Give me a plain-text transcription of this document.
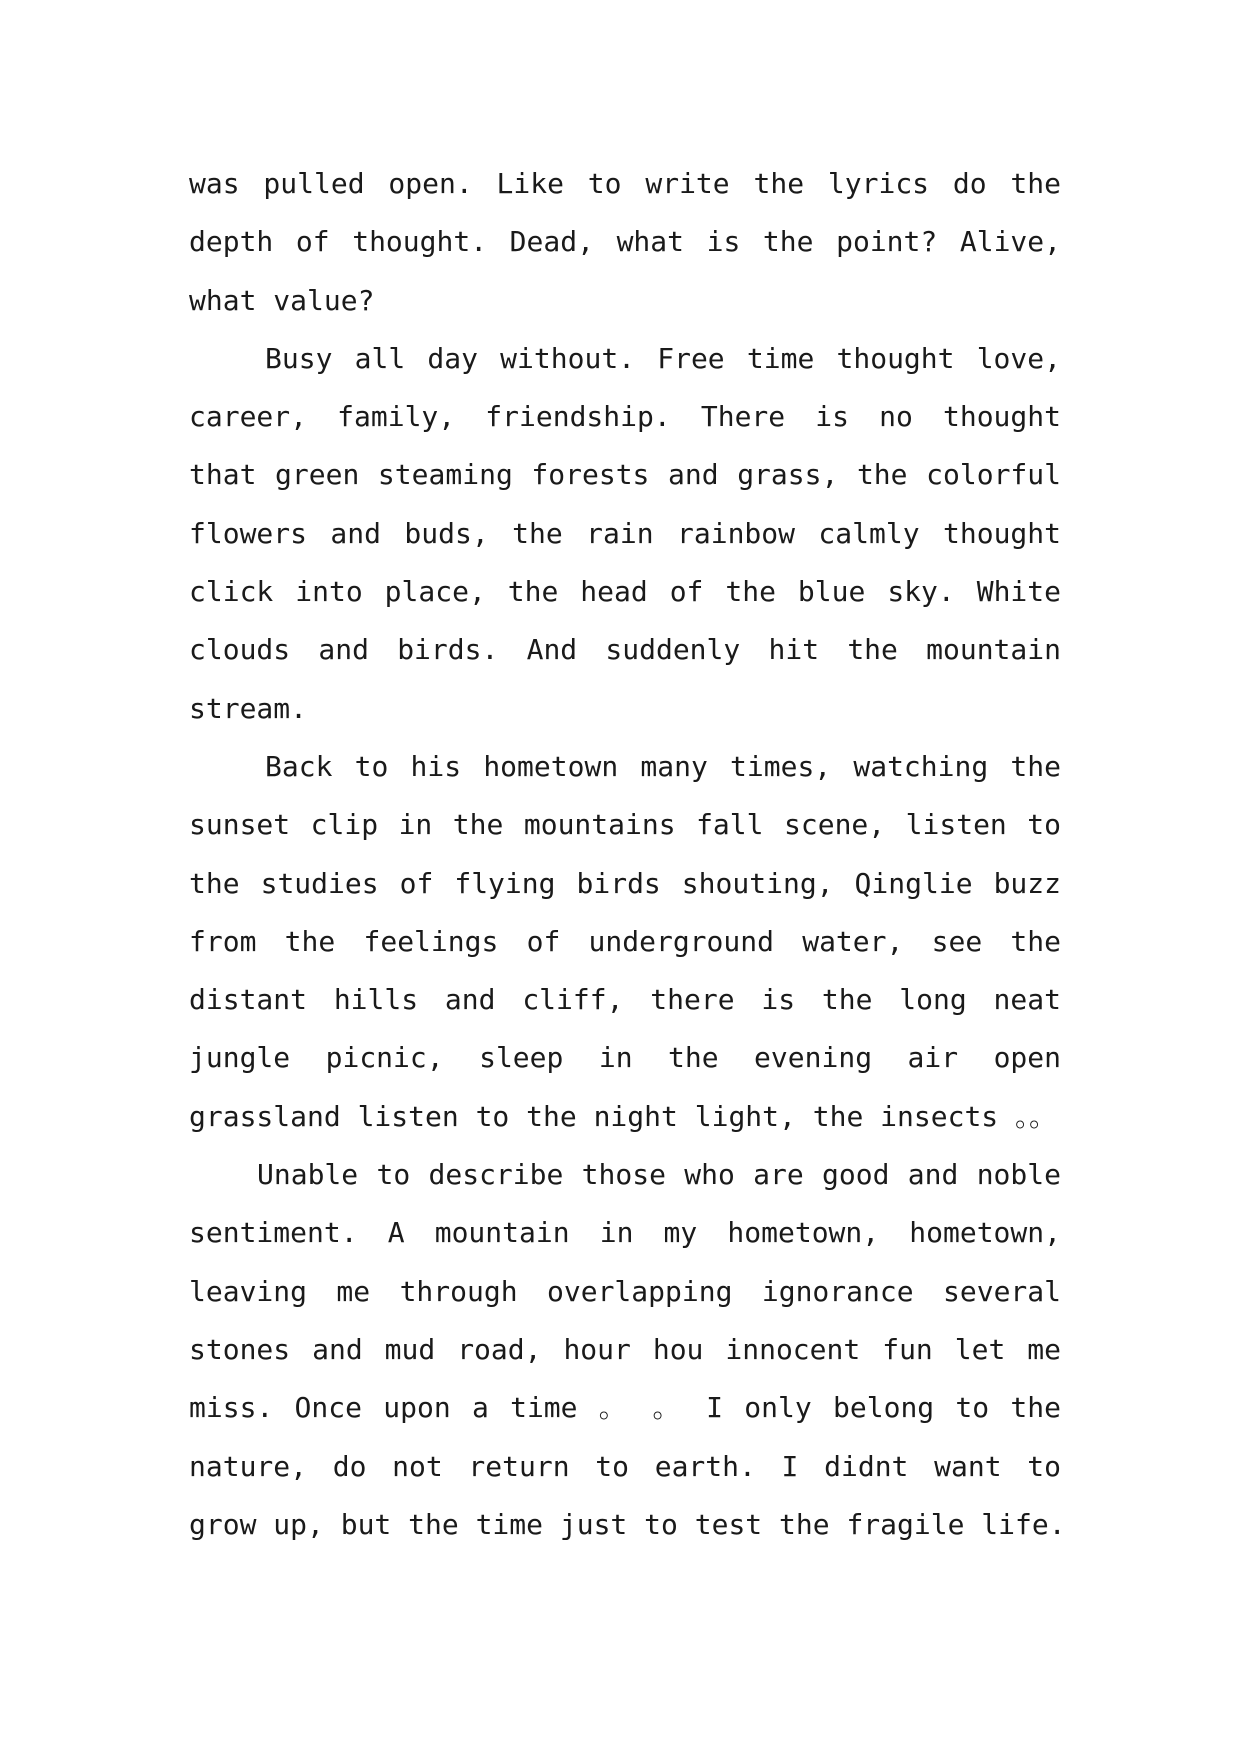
was pulled open. Like to write the lyrics do the
depth of thought. Dead, what is the point? Alive,
what value?
Busy all day without. Free time thought love,
career, family, friendship. There is no thought
that green steaming forests and grass, the colorful
flowers and buds, the rain rainbow calmly thought
click into place, the head of the blue sky. White
clouds and birds. And suddenly hit the mountain
stream.
Back to his hometown many times, watching the
sunset clip in the mountains fall scene, listen to
the studies of flying birds shouting, Qinglie buzz
from the feelings of underground water, see the
distant hills and cliff, there is the long neat
jungle picnic, sleep in the evening air open
grassland listen to the night light, the insects 。。
Unable to describe those who are good and noble
sentiment. A mountain in my hometown, hometown,
leaving me through overlapping ignorance several
stones and mud road, hour hou innocent fun let me
miss. Once upon a time 。 。 I only belong to the
nature, do not return to earth. I didnt want to
grow up, but the time just to test the fragile life.
